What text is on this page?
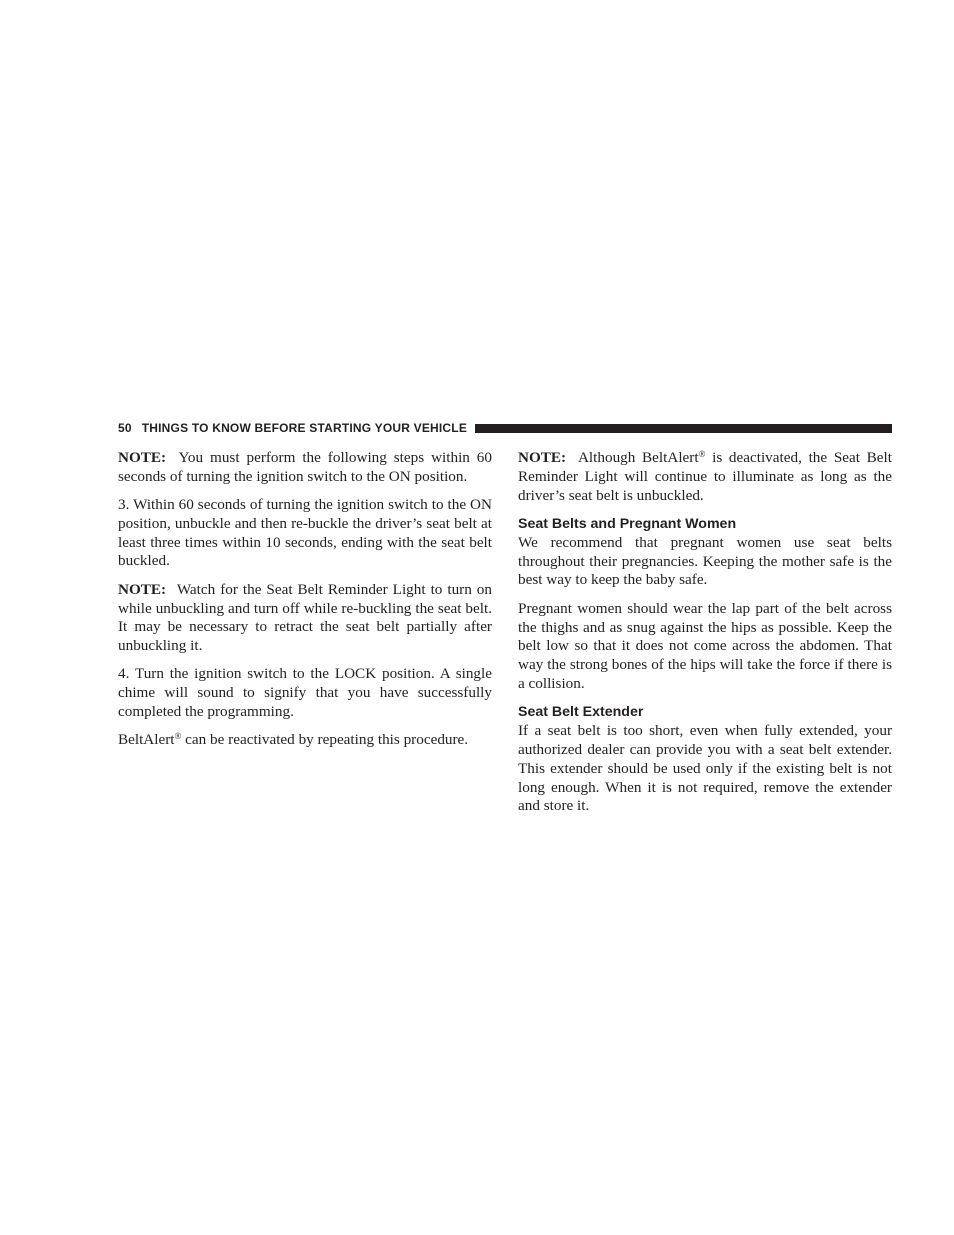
50 THINGS TO KNOW BEFORE STARTING YOUR VEHICLE

NOTE: You must perform the following steps within 60 seconds of turning the ignition switch to the ON position.

3. Within 60 seconds of turning the ignition switch to the ON position, unbuckle and then re-buckle the driver’s seat belt at least three times within 10 seconds, ending with the seat belt buckled.

NOTE: Watch for the Seat Belt Reminder Light to turn on while unbuckling and turn off while re-buckling the seat belt. It may be necessary to retract the seat belt partially after unbuckling it.

4. Turn the ignition switch to the LOCK position. A single chime will sound to signify that you have successfully completed the programming.

BeltAlert® can be reactivated by repeating this procedure.

NOTE: Although BeltAlert® is deactivated, the Seat Belt Reminder Light will continue to illuminate as long as the driver’s seat belt is unbuckled.

Seat Belts and Pregnant Women

We recommend that pregnant women use seat belts throughout their pregnancies. Keeping the mother safe is the best way to keep the baby safe.

Pregnant women should wear the lap part of the belt across the thighs and as snug against the hips as possible. Keep the belt low so that it does not come across the abdomen. That way the strong bones of the hips will take the force if there is a collision.

Seat Belt Extender

If a seat belt is too short, even when fully extended, your authorized dealer can provide you with a seat belt extender. This extender should be used only if the existing belt is not long enough. When it is not required, remove the extender and store it.
